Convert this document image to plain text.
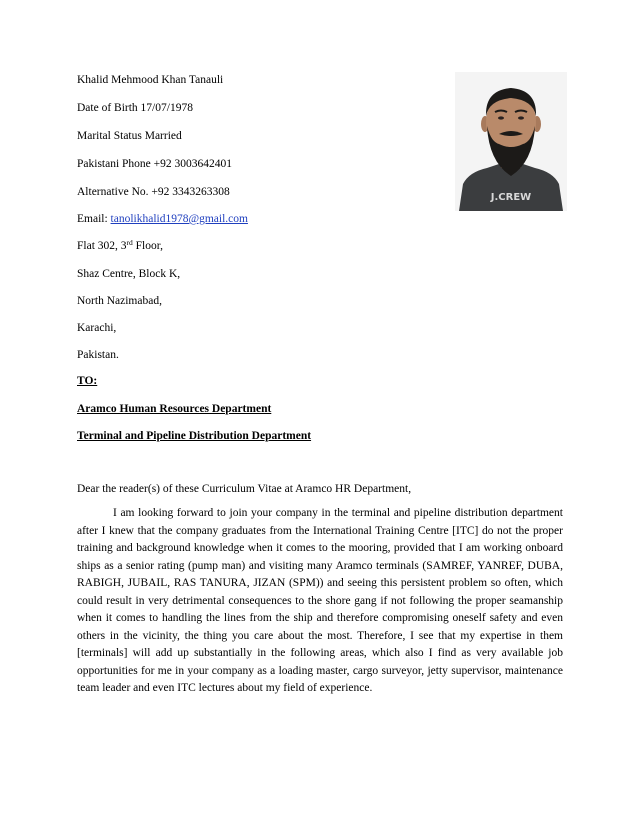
Khalid Mehmood Khan Tanauli
Date of Birth 17/07/1978
Marital Status Married
Pakistani Phone +92 3003642401
Alternative No. +92 3343263308
Email: tanolikhalid1978@gmail.com
Flat 302, 3rd Floor,
Shaz Centre, Block K,
North Nazimabad,
Karachi,
Pakistan.
TO:
Aramco Human Resources Department
Terminal and Pipeline Distribution Department
Dear the reader(s) of these Curriculum Vitae at Aramco HR Department,
I am looking forward to join your company in the terminal and pipeline distribution department after I knew that the company graduates from the International Training Centre [ITC] do not the proper training and background knowledge when it comes to the mooring, provided that I am working onboard ships as a senior rating (pump man) and visiting many Aramco terminals (SAMREF, YANREF, DUBA, RABIGH, JUBAIL, RAS TANURA, JIZAN (SPM)) and seeing this persistent problem so often, which could result in very detrimental consequences to the shore gang if not following the proper seamanship when it comes to handling the lines from the ship and therefore compromising oneself safety and even others in the vicinity, the thing you care about the most. Therefore, I see that my expertise in them [terminals] will add up substantially in the following areas, which also I find as very available job opportunities for me in your company as a loading master, cargo surveyor, jetty supervisor, maintenance team leader and even ITC lectures about my field of experience.
J.CREW
